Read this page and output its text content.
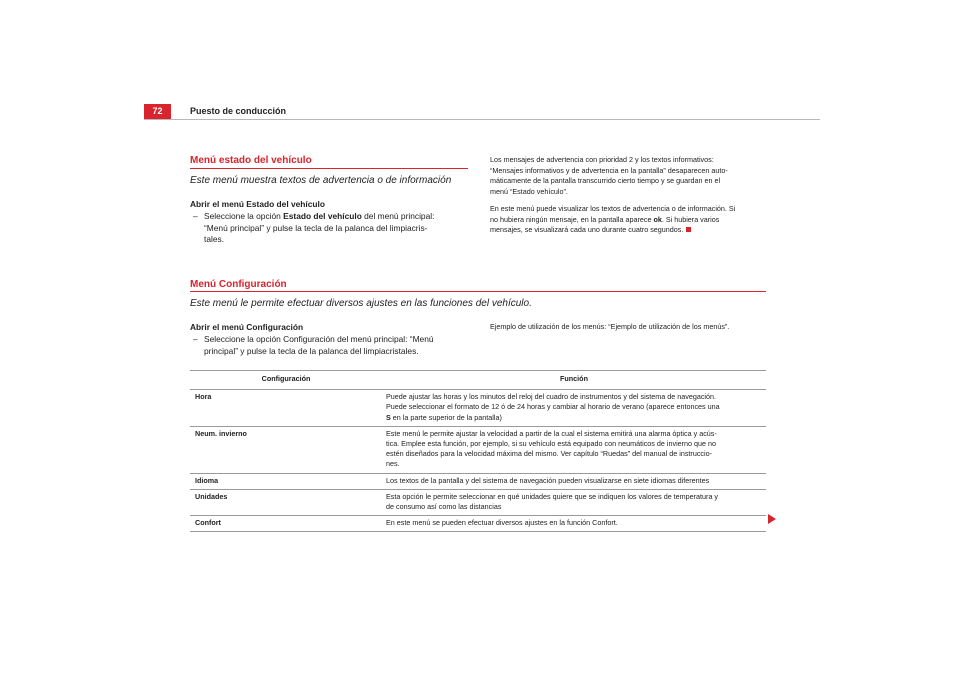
72	Puesto de conducción
Menú estado del vehículo
Este menú muestra textos de advertencia o de información
Abrir el menú Estado del vehículo
– Seleccione la opción Estado del vehículo del menú principal:
“Menú principal” y pulse la tecla de la palanca del limpiacris-
tales.
Los mensajes de advertencia con prioridad 2 y los textos informativos:
“Mensajes informativos y de advertencia en la pantalla” desaparecen auto-
máticamente de la pantalla transcurrido cierto tiempo y se guardan en el
menú “Estado vehículo”.
En este menú puede visualizar los textos de advertencia o de información. Si
no hubiera ningún mensaje, en la pantalla aparece ok. Si hubiera varios
mensajes, se visualizará cada uno durante cuatro segundos.
Menú Configuración
Este menú le permite efectuar diversos ajustes en las funciones del vehículo.
Abrir el menú Configuración
– Seleccione la opción Configuración del menú principal: “Menú
principal” y pulse la tecla de la palanca del limpiacristales.
Ejemplo de utilización de los menús: “Ejemplo de utilización de los menús”.
Configuración	Función
Hora	Puede ajustar las horas y los minutos del reloj del cuadro de instrumentos y del sistema de navegación.
Puede seleccionar el formato de 12 ó de 24 horas y cambiar al horario de verano (aparece entonces una
S en la parte superior de la pantalla)
Neum. invierno	Este menú le permite ajustar la velocidad a partir de la cual el sistema emitirá una alarma óptica y acús-
tica. Emplee esta función, por ejemplo, si su vehículo está equipado con neumáticos de invierno que no
estén diseñados para la velocidad máxima del mismo. Ver capítulo “Ruedas” del manual de instruccio-
nes.
Idioma	Los textos de la pantalla y del sistema de navegación pueden visualizarse en siete idiomas diferentes
Unidades	Esta opción le permite seleccionar en qué unidades quiere que se indiquen los valores de temperatura y
de consumo así como las distancias
Confort	En este menú se pueden efectuar diversos ajustes en la función Confort.
